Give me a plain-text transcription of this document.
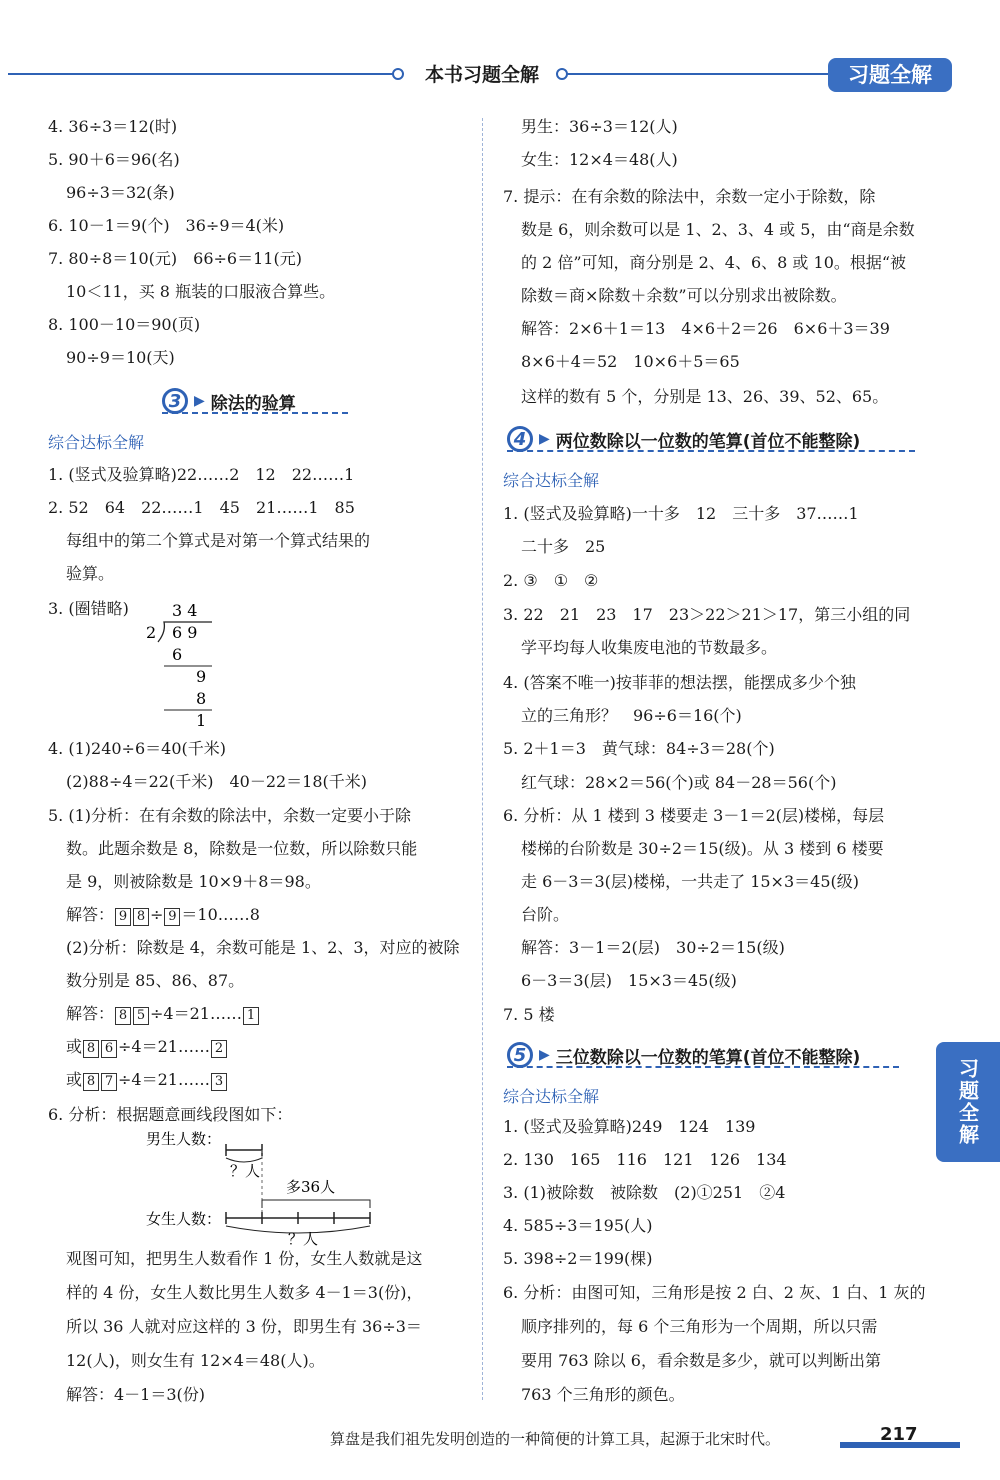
本书习题全解	习题全解
4. 36÷3＝12(时)
5. 90＋6＝96(名)
96÷3＝32(条)
6. 10－1＝9(个)　36÷9＝4(米)
7. 80÷8＝10(元)　66÷6＝11(元)
10＜11，买 8 瓶装的口服液合算些。
8. 100－10＝90(页)
90÷9＝10(天)
3 ▶ 除法的验算
综合达标全解
1. (竖式及验算略)22……2　12　22……1
2. 52　64　22……1　45　21……1　85
每组中的第二个算式是对第一个算式结果的
验算。
3. (圈错略)	3 4
2 6 9
6
9
8
1
4. (1)240÷6＝40(千米)
(2)88÷4＝22(千米)　40－22＝18(千米)
5. (1)分析：在有余数的除法中，余数一定要小于除
数。此题余数是 8，除数是一位数，所以除数只能
是 9，则被除数是 10×9＋8＝98。
解答： 9 8 ÷ 9 ＝10……8
(2)分析：除数是 4，余数可能是 1、2、3，对应的被除
数分别是 85、86、87。
解答： 8 5 ÷4＝21…… 1
或 8 6 ÷4＝21…… 2
或 8 7 ÷4＝21…… 3
6. 分析：根据题意画线段图如下：
男生人数：
？人
多36人
女生人数：
？人
观图可知，把男生人数看作 1 份，女生人数就是这
样的 4 份，女生人数比男生人数多 4－1＝3(份)，
所以 36 人就对应这样的 3 份，即男生有 36÷3＝
12(人)，则女生有 12×4＝48(人)。
解答：4－1＝3(份)
男生：36÷3＝12(人)
女生：12×4＝48(人)
7. 提示：在有余数的除法中，余数一定小于除数，除
数是 6，则余数可以是 1、2、3、4 或 5，由“商是余数
的 2 倍”可知，商分别是 2、4、6、8 或 10。根据“被
除数＝商×除数＋余数”可以分别求出被除数。
解答：2×6＋1＝13　4×6＋2＝26　6×6＋3＝39
8×6＋4＝52　10×6＋5＝65
这样的数有 5 个，分别是 13、26、39、52、65。
4 ▶ 两位数除以一位数的笔算(首位不能整除)
综合达标全解
1. (竖式及验算略)一十多　12　三十多　37……1
二十多　25
2. ③　①　②
3. 22　21　23　17　23＞22＞21＞17，第三小组的同
学平均每人收集废电池的节数最多。
4. (答案不唯一)按菲菲的想法摆，能摆成多少个独
立的三角形？　96÷6＝16(个)
5. 2＋1＝3　黄气球：84÷3＝28(个)
红气球：28×2＝56(个)或 84－28＝56(个)
6. 分析：从 1 楼到 3 楼要走 3－1＝2(层)楼梯，每层
楼梯的台阶数是 30÷2＝15(级)。从 3 楼到 6 楼要
走 6－3＝3(层)楼梯，一共走了 15×3＝45(级)
台阶。
解答：3－1＝2(层)　30÷2＝15(级)
6－3＝3(层)　15×3＝45(级)
7. 5 楼
5 ▶ 三位数除以一位数的笔算(首位不能整除)
综合达标全解
1. (竖式及验算略)249　124　139
2. 130　165　116　121　126　134
3. (1)被除数　被除数　(2)①251　②4
4. 585÷3＝195(人)
5. 398÷2＝199(棵)
6. 分析：由图可知，三角形是按 2 白、2 灰、1 白、1 灰的
顺序排列的，每 6 个三角形为一个周期，所以只需
要用 763 除以 6，看余数是多少，就可以判断出第
763 个三角形的颜色。
习题全解
算盘是我们祖先发明创造的一种简便的计算工具，起源于北宋时代。	217
